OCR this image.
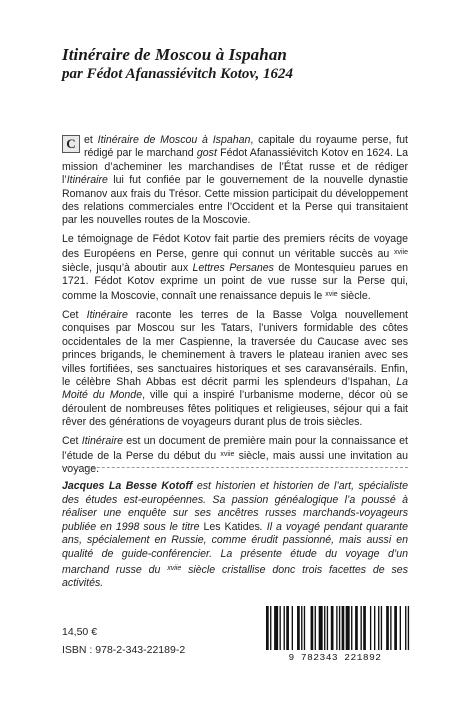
Itinéraire de Moscou à Ispahan
par Fédot Afanassiévitch Kotov, 1624

C et Itinéraire de Moscou à Ispahan, capitale du royaume perse, fut rédigé par le marchand gost Fédot Afanassiévitch Kotov en 1624. La mission d’acheminer les marchandises de l’État russe et de rédiger l’Itinéraire lui fut confiée par le gouvernement de la nouvelle dynastie Romanov aux frais du Trésor. Cette mission participait du développement des relations commerciales entre l’Occident et la Perse qui transitaient par les nouvelles routes de la Moscovie.

Le témoignage de Fédot Kotov fait partie des premiers récits de voyage des Européens en Perse, genre qui connut un véritable succès au $^{xviie}$ siècle, jusqu’à aboutir aux Lettres Persanes de Montesquieu parues en 1721. Fédot Kotov exprime un point de vue russe sur la Perse qui, comme la Moscovie, connaît une renaissance depuis le $^{xvie}$ siècle.

Cet Itinéraire raconte les terres de la Basse Volga nouvellement conquises par Moscou sur les Tatars, l’univers formidable des côtes occidentales de la mer Caspienne, la traversée du Caucase avec ses princes brigands, le cheminement à travers le plateau iranien avec ses villes fortifiées, ses sanctuaires historiques et ses caravansérails. Enfin, le célèbre Shah Abbas est décrit parmi les splendeurs d’Ispahan, La Moité du Monde, ville qui a inspiré l’urbanisme moderne, décor où se déroulent de nombreuses fêtes politiques et religieuses, séjour qui a fait rêver des générations de voyageurs durant plus de trois siècles.

Cet Itinéraire est un document de première main pour la connaissance et l’étude de la Perse du début du $^{xviie}$ siècle, mais aussi une invitation au voyage.

Jacques La Besse Kotoff est historien et historien de l’art, spécialiste des études est-européennes. Sa passion généalogique l’a poussé à réaliser une enquête sur ses ancêtres russes marchands-voyageurs publiée en 1998 sous le titre Les Katides. Il a voyagé pendant quarante ans, spécialement en Russie, comme érudit passionné, mais aussi en qualité de guide-conférencier. La présente étude du voyage d’un marchand russe du $^{xviie}$ siècle cristallise donc trois facettes de ses activités.
14,50 €
ISBN : 978-2-343-22189-2
9 782343 221892
